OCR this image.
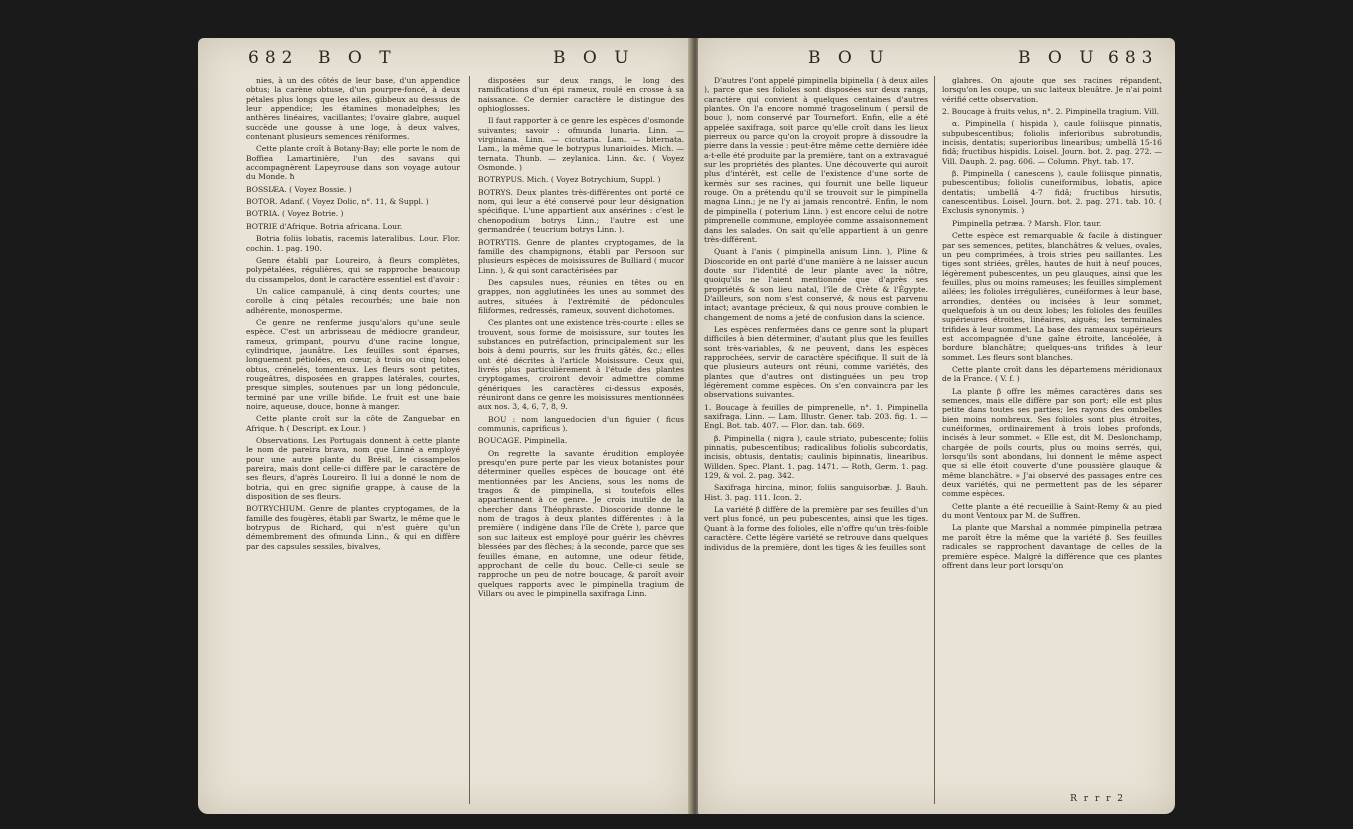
682 B O T	B O U

nies, à un des côtés de leur base, d'un appendice obtus; la carène obtuse, d'un pourpre-foncé, à deux pétales plus longs que les ailes, gibbeux au dessus de leur appendice; les étamines monadelphes; les anthères linéaires, vacillantes; l'ovaire glabre, auquel succède une gousse à une loge, à deux valves, contenant plusieurs semences réniformes.

Cette plante croît à Botany-Bay; elle porte le nom de Boffiea Lamartinière, l'un des savans qui accompagnèrent Lapeyrouse dans son voyage autour du Monde. ħ

BOSSIÆA. ( Voyez Bossie. )

BOTOR. Adanf. ( Voyez Dolic, n°. 11, & Suppl. )

BOTRIA. ( Voyez Botrie. )

BOTRIE d'Afrique. Botria africana. Lour.

Botria foliis lobatis, racemis lateralibus. Lour. Flor. cochin. 1. pag. 190.

Genre établi par Loureiro, à fleurs complètes, polypétalées, régulières, qui se rapproche beaucoup du cissampelos, dont le caractère essentiel est d'avoir :

Un calice campanulé, à cinq dents courtes; une corolle à cinq pétales recourbés; une baie non adhérente, monosperme.

Ce genre ne renferme jusqu'alors qu'une seule espèce. C'est un arbrisseau de médiocre grandeur, rameux, grimpant, pourvu d'une racine longue, cylindrique, jaunâtre. Les feuilles sont éparses, longuement pétiolées, en cœur, à trois ou cinq lobes obtus, crénelés, tomenteux. Les fleurs sont petites, rougeâtres, disposées en grappes latérales, courtes, presque simples, soutenues par un long pédoncule, terminé par une vrille bifide. Le fruit est une baie noire, aqueuse, douce, bonne à manger.

Cette plante croît sur la côte de Zanguebar en Afrique. ħ ( Descript. ex Lour. )

Observations. Les Portugais donnent à cette plante le nom de pareira brava, nom que Linné a employé pour une autre plante du Brésil, le cissampelos pareira, mais dont celle-ci diffère par le caractère de ses fleurs, d'après Loureiro. Il lui a donné le nom de botria, qui en grec signifie grappe, à cause de la disposition de ses fleurs.

BOTRYCHIUM. Genre de plantes cryptogames, de la famille des fougères, établi par Swartz, le même que le botrypus de Richard, qui n'est guère qu'un démembrement des ofmunda Linn., & qui en diffère par des capsules sessiles, bivalves,

disposées sur deux rangs, le long des ramifications d'un épi rameux, roulé en crosse à sa naissance. Ce dernier caractère le distingue des ophioglosses.

Il faut rapporter à ce genre les espèces d'osmonde suivantes; savoir : ofmunda lunaria. Linn. — virginiana. Linn. — cicutaria. Lam. — biternata. Lam., la même que le botrypus lunarioides. Mich. — ternata. Thunb. — zeylanica. Linn. &c. ( Voyez Osmonde. )

BOTRYPUS. Mich. ( Voyez Botrychium, Suppl. )

BOTRYS. Deux plantes très-différentes ont porté ce nom, qui leur a été conservé pour leur désignation spécifique. L'une appartient aux ansérines : c'est le chenopodium botrys Linn.; l'autre est une germandrée ( teucrium botrys Linn. ).

BOTRYTIS. Genre de plantes cryptogames, de la famille des champignons, établi par Persoon sur plusieurs espèces de moisissures de Bulliard ( mucor Linn. ), & qui sont caractérisées par

Des capsules nues, réunies en têtes ou en grappes, non agglutinées les unes au sommet des autres, situées à l'extrémité de pédoncules filiformes, redressés, rameux, souvent dichotomes.

Ces plantes ont une existence très-courte : elles se trouvent, sous forme de moisissure, sur toutes les substances en putréfaction, principalement sur les bois à demi pourris, sur les fruits gâtés, &c.; elles ont été décrites à l'article Moisissure. Ceux qui, livrés plus particulièrement à l'étude des plantes cryptogames, croiront devoir admettre comme génériques les caractères ci-dessus exposés, réuniront dans ce genre les moisissures mentionnées aux nos. 3, 4, 6, 7, 8, 9.

BOU : nom languedocien d'un figuier ( ficus communis, caprificus ).

BOUCAGE. Pimpinella.

On regrette la savante érudition employée presqu'en pure perte par les vieux botanistes pour déterminer quelles espèces de boucage ont été mentionnées par les Anciens, sous les noms de tragos & de pimpinella, si toutefois elles appartiennent à ce genre. Je crois inutile de la chercher dans Théophraste. Dioscoride donne le nom de tragos à deux plantes différentes : à la première ( indigène dans l'île de Crète ), parce que son suc laiteux est employé pour guérir les chèvres blessées par des flèches; à la seconde, parce que ses feuilles émane, en automne, une odeur fétide, approchant de celle du bouc. Celle-ci seule se rapproche un peu de notre boucage, & paroît avoir quelques rapports avec le pimpinella tragium de Villars ou avec le pimpinella saxifraga Linn.

B O U	B O U 683

D'autres l'ont appelé pimpinella bipinella ( à deux ailes ), parce que ses folioles sont disposées sur deux rangs, caractère qui convient à quelques centaines d'autres plantes. On l'a encore nommé tragoselinum ( persil de bouc ), nom conservé par Tournefort. Enfin, elle a été appelée saxifraga, soit parce qu'elle croît dans les lieux pierreux ou parce qu'on la croyoit propre à dissoudre la pierre dans la vessie : peut-être même cette dernière idée a-t-elle été produite par la première, tant on a extravagué sur les propriétés des plantes. Une découverte qui auroit plus d'intérêt, est celle de l'existence d'une sorte de kermès sur ses racines, qui fournit une belle liqueur rouge. On a prétendu qu'il se trouvoit sur le pimpinella magna Linn.; je ne l'y ai jamais rencontré. Enfin, le nom de pimpinella ( poterium Linn. ) est encore celui de notre pimprenelle commune, employée comme assaisonnement dans les salades. On sait qu'elle appartient à un genre très-différent.

Quant à l'anis ( pimpinella anisum Linn. ), Pline & Dioscoride en ont parlé d'une manière à ne laisser aucun doute sur l'identité de leur plante avec la nôtre, quoiqu'ils ne l'aient mentionnée que d'après ses propriétés & son lieu natal, l'île de Crète & l'Égypte. D'ailleurs, son nom s'est conservé, & nous est parvenu intact; avantage précieux, & qui nous prouve combien le changement de noms a jeté de confusion dans la science.

Les espèces renfermées dans ce genre sont la plupart difficiles à bien déterminer, d'autant plus que les feuilles sont très-variables, & ne peuvent, dans les espèces rapprochées, servir de caractère spécifique. Il suit de là que plusieurs auteurs ont réuni, comme variétés, des plantes que d'autres ont distinguées un peu trop légèrement comme espèces. On s'en convaincra par les observations suivantes.

1. Boucage à feuilles de pimprenelle, n°. 1. Pimpinella saxifraga. Linn. — Lam. Illustr. Gener. tab. 203. fig. 1. — Engl. Bot. tab. 407. — Flor. dan. tab. 669.

β. Pimpinella ( nigra ), caule striato, pubescente; foliis pinnatis, pubescentibus; radicalibus foliolis subcordatis, incisis, obtusis, dentatis; caulinis bipinnatis, linearibus. Willden. Spec. Plant. 1. pag. 1471. — Roth, Germ. 1. pag. 129, & vol. 2. pag. 342.

Saxifraga hircina, minor, foliis sanguisorbæ. J. Bauh. Hist. 3. pag. 111. Icon. 2.

La variété β diffère de la première par ses feuilles d'un vert plus foncé, un peu pubescentes, ainsi que les tiges. Quant à la forme des folioles, elle n'offre qu'un très-foible caractère. Cette légère variété se retrouve dans quelques individus de la première, dont les tiges & les feuilles sont

glabres. On ajoute que ses racines répandent, lorsqu'on les coupe, un suc laiteux bleuâtre. Je n'ai point vérifié cette observation.

2. Boucage à fruits velus, n°. 2. Pimpinella tragium. Vill.

α. Pimpinella ( hispida ), caule foliisque pinnatis, subpubescentibus; foliolis inferioribus subrotundis, incisis, dentatis; superioribus linearibus; umbellâ 15-16 fidâ; fructibus hispidis. Loisel. Journ. bot. 2. pag. 272. — Vill. Dauph. 2. pag. 606. — Column. Phyt. tab. 17.

β. Pimpinella ( canescens ), caule foliisque pinnatis, pubescentibus; foliolis cuneiformibus, lobatis, apice dentatis; umbellâ 4-7 fidâ; fructibus hirsutis, canescentibus. Loisel. Journ. bot. 2. pag. 271. tab. 10. ( Exclusis synonymis. )

Pimpinella petræa. ? Marsh. Flor. taur.

Cette espèce est remarquable & facile à distinguer par ses semences, petites, blanchâtres & velues, ovales, un peu comprimées, à trois stries peu saillantes. Les tiges sont striées, grêles, hautes de huit à neuf pouces, légèrement pubescentes, un peu glauques, ainsi que les feuilles, plus ou moins rameuses; les feuilles simplement ailées; les folioles irrégulières, cunéiformes à leur base, arrondies, dentées ou incisées à leur sommet, quelquefois à un ou deux lobes; les folioles des feuilles supérieures étroites, linéaires, aiguës; les terminales trifides à leur sommet. La base des rameaux supérieurs est accompagnée d'une gaîne étroite, lancéolée, à bordure blanchâtre; quelques-uns trifides à leur sommet. Les fleurs sont blanches.

Cette plante croît dans les départemens méridionaux de la France. ( V. f. )

La plante β offre les mêmes caractères dans ses semences, mais elle diffère par son port; elle est plus petite dans toutes ses parties; les rayons des ombelles bien moins nombreux. Ses folioles sont plus étroites, cunéiformes, ordinairement à trois lobes profonds, incisés à leur sommet. « Elle est, dit M. Deslonchamp, chargée de poils courts, plus ou moins serrés, qui, lorsqu'ils sont abondans, lui donnent le même aspect que si elle étoit couverte d'une poussière glauque & même blanchâtre. » J'ai observé des passages entre ces deux variétés, qui ne permettent pas de les séparer comme espèces.

Cette plante a été recueillie à Saint-Remy & au pied du mont Ventoux par M. de Suffren.

La plante que Marshal a nommée pimpinella petræa me paroît être la même que la variété β. Ses feuilles radicales se rapprochent davantage de celles de la première espèce. Malgré la différence que ces plantes offrent dans leur port lorsqu'on

R r r r 2
